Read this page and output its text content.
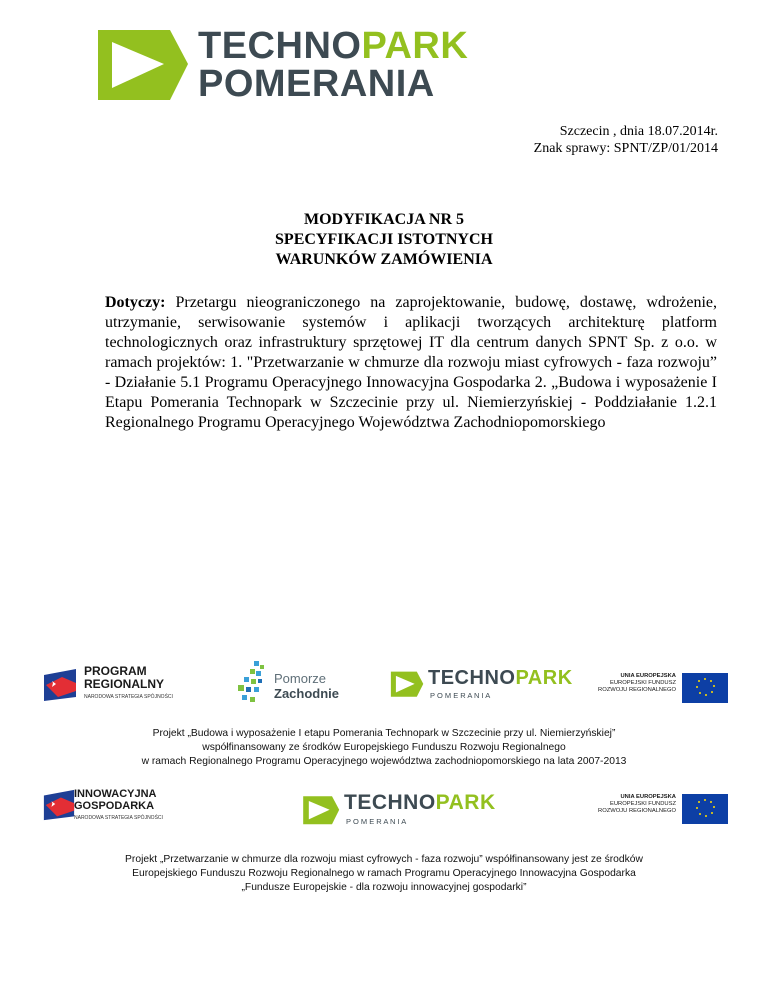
TECHNOPARK
POMERANIA
Szczecin , dnia 18.07.2014r.
Znak sprawy: SPNT/ZP/01/2014
MODYFIKACJA NR 5
SPECYFIKACJI ISTOTNYCH
WARUNKÓW ZAMÓWIENIA
Dotyczy: Przetargu nieograniczonego na zaprojektowanie, budowę, dostawę, wdrożenie, utrzymanie, serwisowanie systemów i aplikacji tworzących architekturę platform technologicznych oraz infrastruktury sprzętowej IT dla centrum danych SPNT Sp. z o.o. w ramach projektów: 1. "Przetwarzanie w chmurze dla rozwoju miast cyfrowych - faza rozwoju” - Działanie 5.1 Programu Operacyjnego Innowacyjna Gospodarka 2. „Budowa i wyposażenie I Etapu Pomerania Technopark w Szczecinie przy ul. Niemierzyńskiej - Poddziałanie 1.2.1 Regionalnego Programu Operacyjnego Województwa Zachodniopomorskiego
PROGRAM
REGIONALNY
NARODOWA STRATEGIA SPÓJNOŚCI
Pomorze
Zachodnie
TECHNOPARK
P O M E R A N I A
UNIA EUROPEJSKA
EUROPEJSKI FUNDUSZ
ROZWOJU REGIONALNEGO
Projekt „Budowa i wyposażenie I etapu Pomerania Technopark w Szczecinie przy ul. Niemierzyńskiej”
współfinansowany ze środków Europejskiego Funduszu Rozwoju Regionalnego
w ramach Regionalnego Programu Operacyjnego województwa zachodniopomorskiego na lata 2007-2013
INNOWACYJNA
GOSPODARKA
NARODOWA STRATEGIA SPÓJNOŚCI
TECHNOPARK
P O M E R A N I A
UNIA EUROPEJSKA
EUROPEJSKI FUNDUSZ
ROZWOJU REGIONALNEGO
Projekt „Przetwarzanie w chmurze dla rozwoju miast cyfrowych - faza rozwoju” współfinansowany jest ze środków
Europejskiego Funduszu Rozwoju Regionalnego w ramach Programu Operacyjnego Innowacyjna Gospodarka
„Fundusze Europejskie - dla rozwoju innowacyjnej gospodarki”
